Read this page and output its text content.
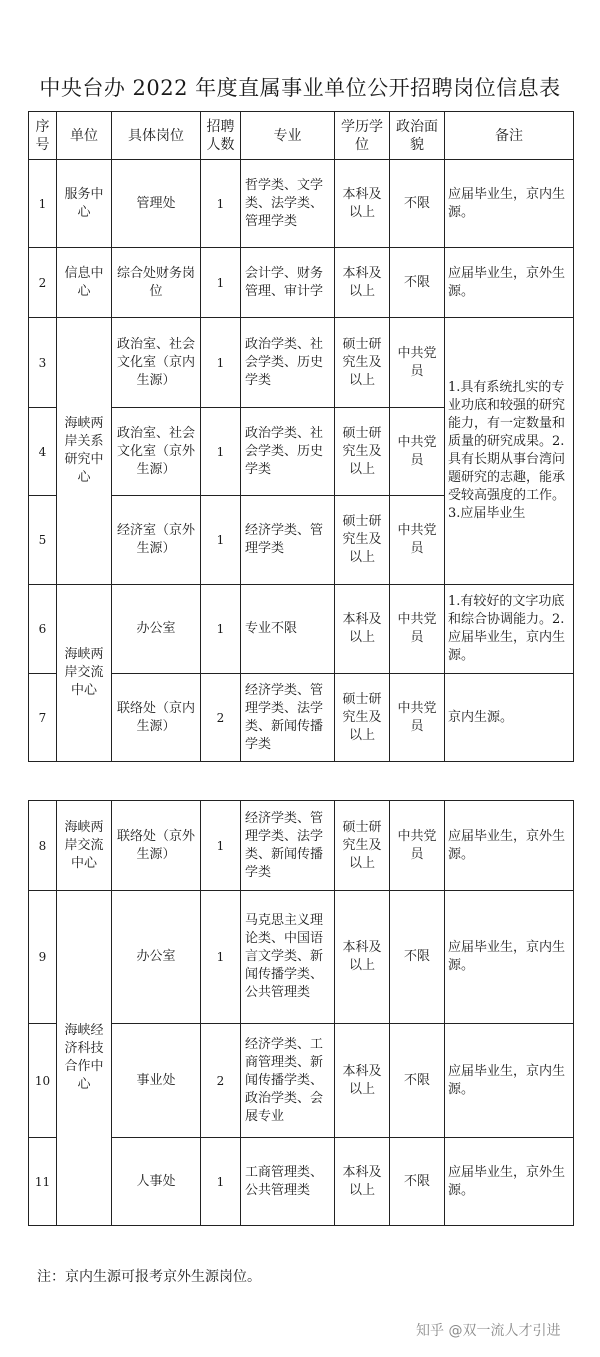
中央台办 2022 年度直属事业单位公开招聘岗位信息表
序号	单位	具体岗位	招聘人数	专业	学历学位	政治面貌	备注
1	服务中心	管理处	1	哲学类、文学类、法学类、管理学类	本科及以上	不限	应届毕业生，京内生源。
2	信息中心	综合处财务岗位	1	会计学、财务管理、审计学	本科及以上	不限	应届毕业生，京外生源。
3	海峡两岸关系研究中心	政治室、社会文化室（京内生源）	1	政治学类、社会学类、历史学类	硕士研究生及以上	中共党员	1.具有系统扎实的专业功底和较强的研究能力，有一定数量和质量的研究成果。2.具有长期从事台湾问题研究的志趣，能承受较高强度的工作。3.应届毕业生
4		政治室、社会文化室（京外生源）	1	政治学类、社会学类、历史学类	硕士研究生及以上	中共党员	
5		经济室（京外生源）	1	经济学类、管理学类	硕士研究生及以上	中共党员	
6	海峡两岸交流中心	办公室	1	专业不限	本科及以上	中共党员	1.有较好的文字功底和综合协调能力。2.应届毕业生，京内生源。
7		联络处（京内生源）	2	经济学类、管理学类、法学类、新闻传播学类	硕士研究生及以上	中共党员	京内生源。
8	海峡两岸交流中心	联络处（京外生源）	1	经济学类、管理学类、法学类、新闻传播学类	硕士研究生及以上	中共党员	应届毕业生，京外生源。
9	海峡经济科技合作中心	办公室	1	马克思主义理论类、中国语言文学类、新闻传播学类、公共管理类	本科及以上	不限	应届毕业生，京内生源。
10		事业处	2	经济学类、工商管理类、新闻传播学类、政治学类、会展专业	本科及以上	不限	应届毕业生，京内生源。
11		人事处	1	工商管理类、公共管理类	本科及以上	不限	应届毕业生，京外生源。
注：京内生源可报考京外生源岗位。
知乎 @双一流人才引进
